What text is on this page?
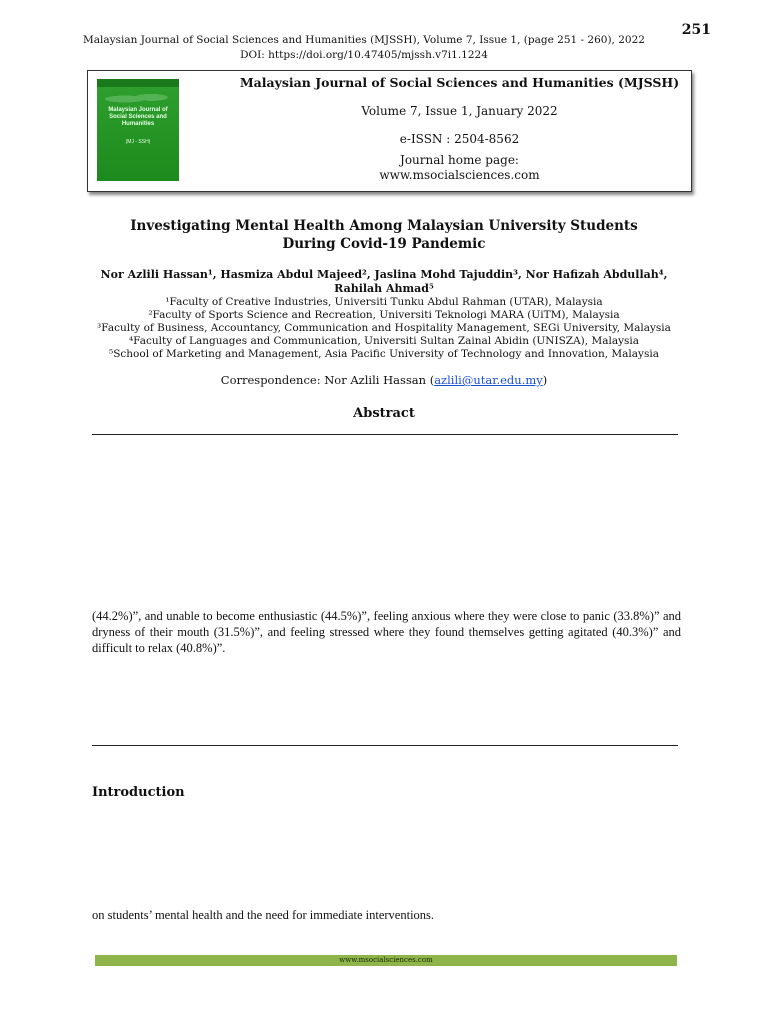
Malaysian Journal of Social Sciences and Humanities (MJSSH), Volume 7, Issue 1, (page 251 - 260), 2022
DOI: https://doi.org/10.47405/mjssh.v7i1.1224
251
Malaysian Journal of Social Sciences and Humanities
(MJ - SSH)
Malaysian Journal of Social Sciences and Humanities (MJSSH)
Volume 7, Issue 1, January 2022
e-ISSN : 2504-8562
Journal home page:
www.msocialsciences.com
Investigating Mental Health Among Malaysian University Students
During Covid-19 Pandemic
Nor Azlili Hassan¹, Hasmiza Abdul Majeed², Jaslina Mohd Tajuddin³, Nor Hafizah Abdullah⁴,
Rahilah Ahmad⁵
¹Faculty of Creative Industries, Universiti Tunku Abdul Rahman (UTAR), Malaysia
²Faculty of Sports Science and Recreation, Universiti Teknologi MARA (UiTM), Malaysia
³Faculty of Business, Accountancy, Communication and Hospitality Management, SEGi University, Malaysia
⁴Faculty of Languages and Communication, Universiti Sultan Zainal Abidin (UNISZA), Malaysia
⁵School of Marketing and Management, Asia Pacific University of Technology and Innovation, Malaysia
Correspondence: Nor Azlili Hassan (azlili@utar.edu.my)
Abstract
(44.2%)”, and unable to become enthusiastic (44.5%)”, feeling anxious where they were close to panic (33.8%)” and dryness of their mouth (31.5%)”, and feeling stressed where they found themselves getting agitated (40.3%)” and difficult to relax (40.8%)”.
Introduction
on students’ mental health and the need for immediate interventions.
www.msocialsciences.com
